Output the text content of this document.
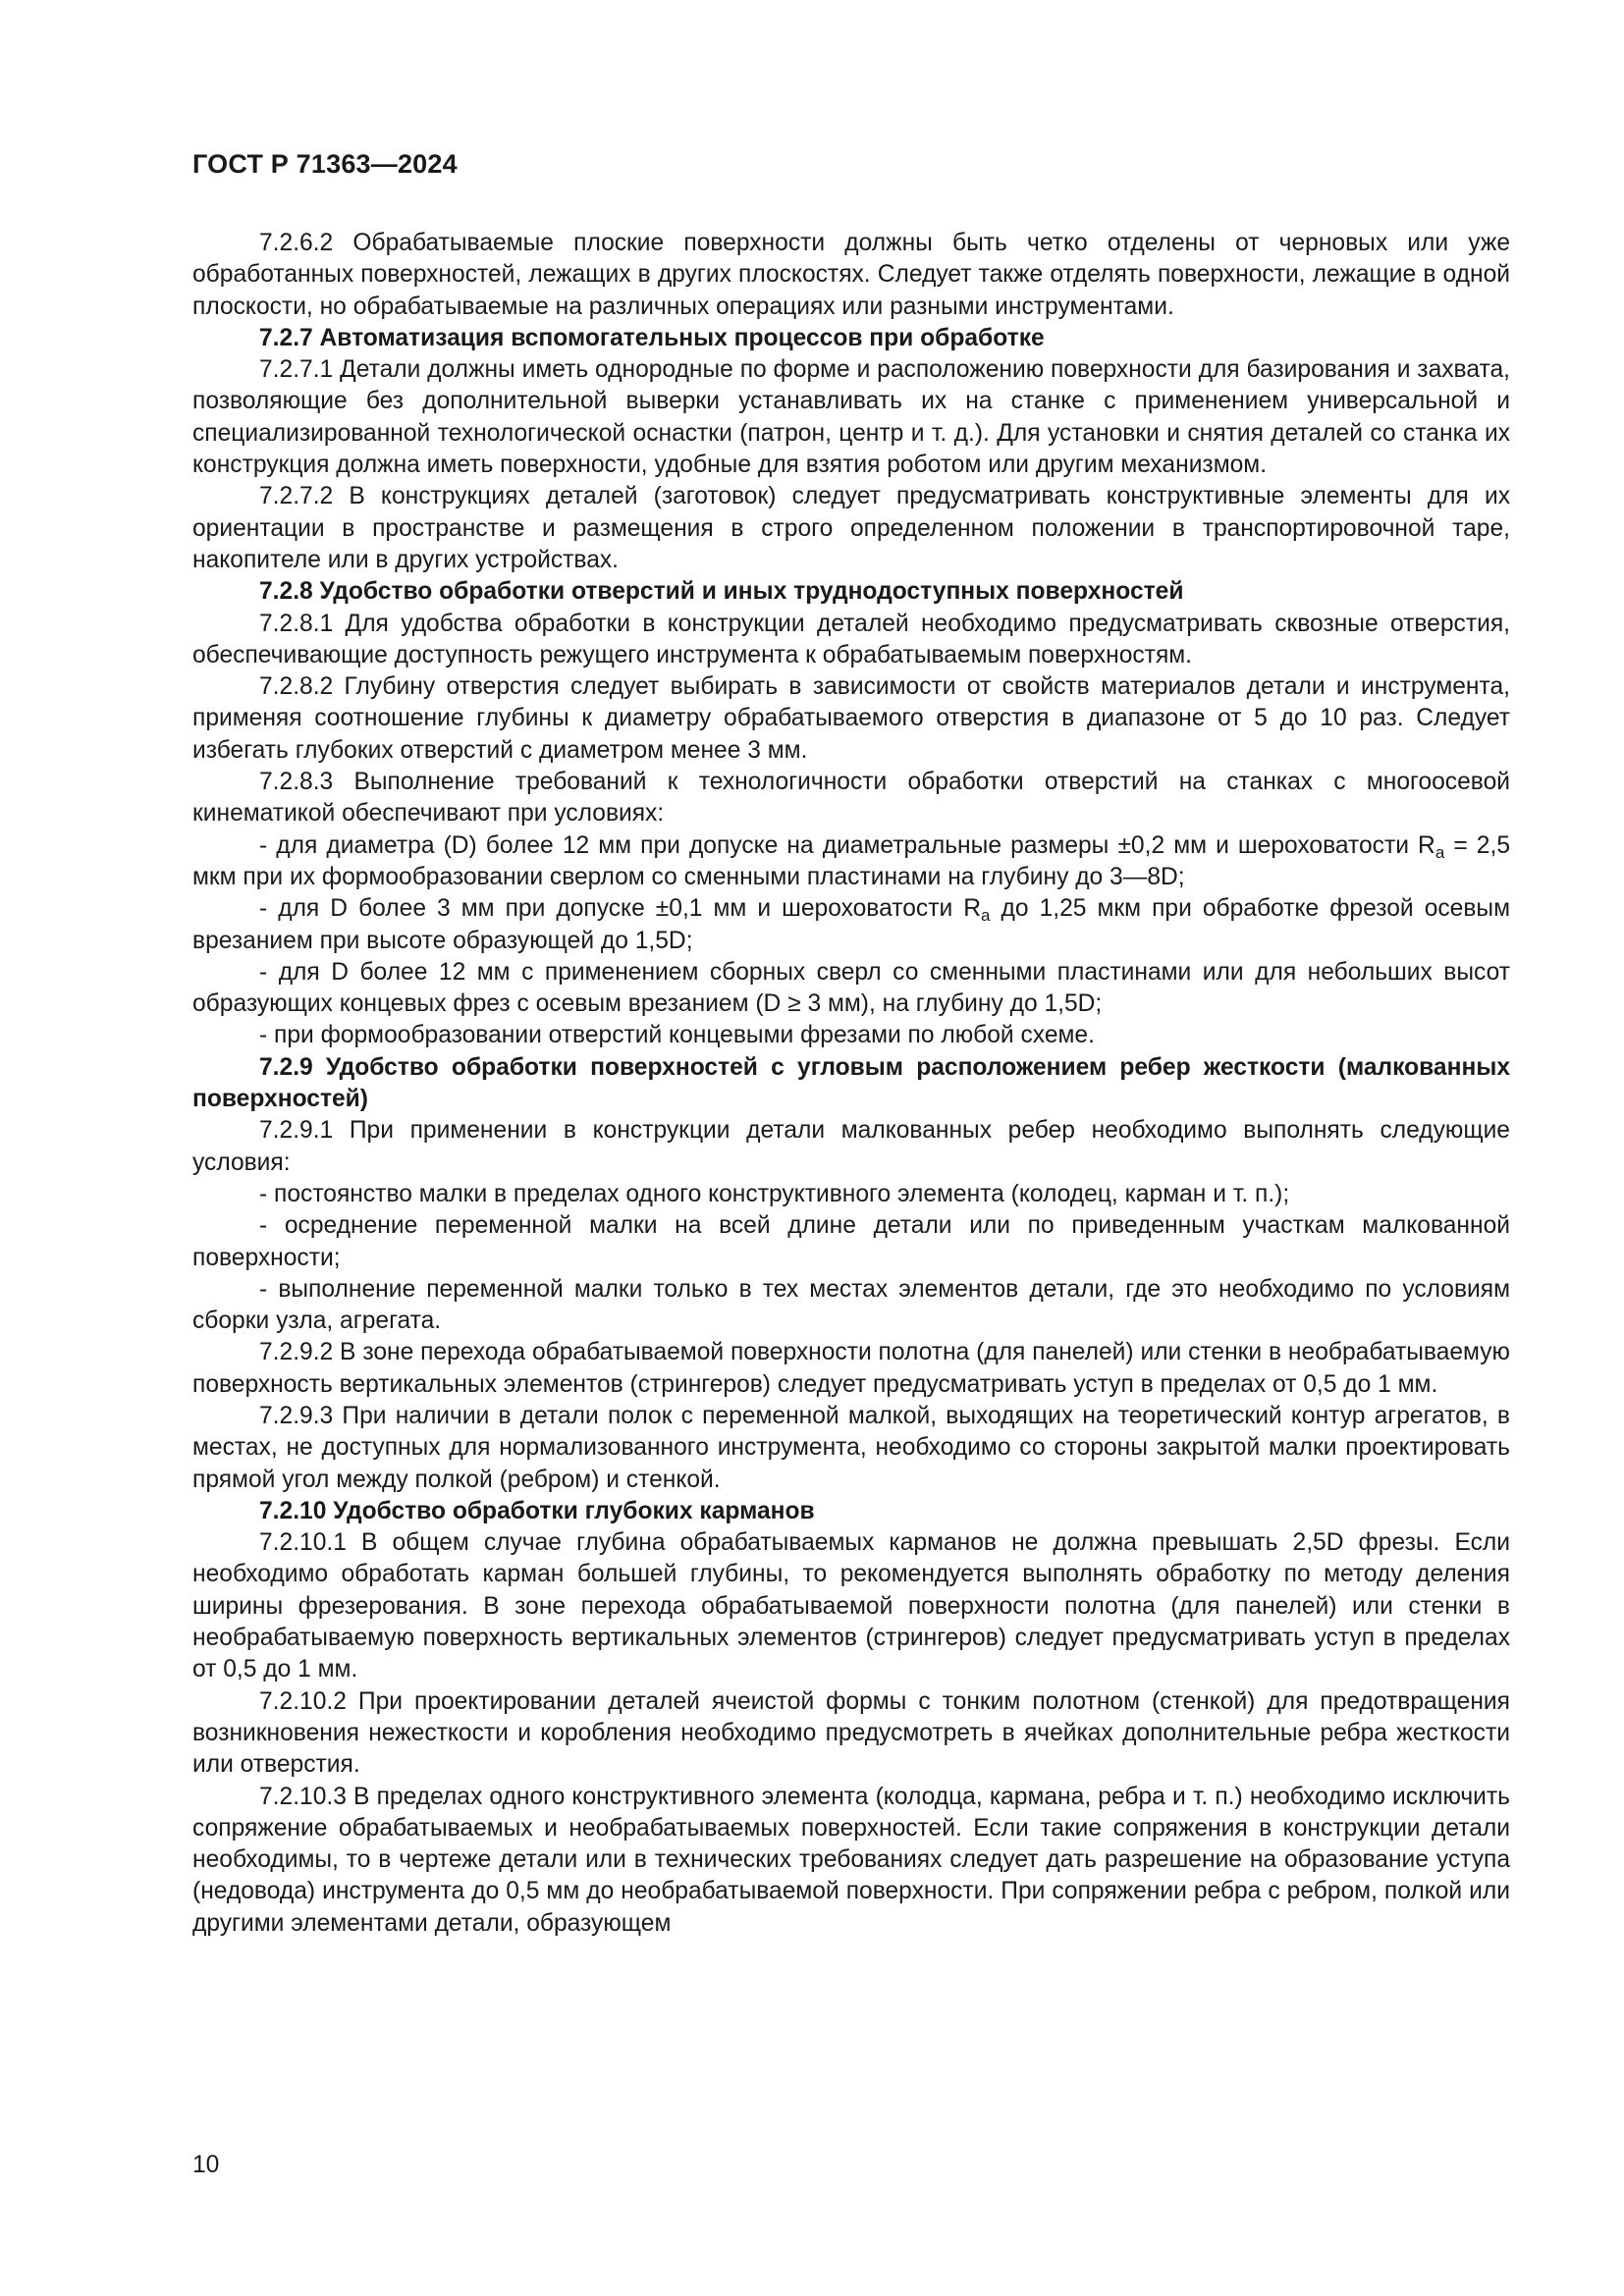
ГОСТ Р 71363—2024

7.2.6.2 Обрабатываемые плоские поверхности должны быть четко отделены от черновых или уже обработанных поверхностей, лежащих в других плоскостях. Следует также отделять поверхности, лежащие в одной плоскости, но обрабатываемые на различных операциях или разными инструментами.

7.2.7 Автоматизация вспомогательных процессов при обработке

7.2.7.1 Детали должны иметь однородные по форме и расположению поверхности для базирования и захвата, позволяющие без дополнительной выверки устанавливать их на станке с применением универсальной и специализированной технологической оснастки (патрон, центр и т. д.). Для установки и снятия деталей со станка их конструкция должна иметь поверхности, удобные для взятия роботом или другим механизмом.

7.2.7.2 В конструкциях деталей (заготовок) следует предусматривать конструктивные элементы для их ориентации в пространстве и размещения в строго определенном положении в транспортировочной таре, накопителе или в других устройствах.

7.2.8 Удобство обработки отверстий и иных труднодоступных поверхностей

7.2.8.1 Для удобства обработки в конструкции деталей необходимо предусматривать сквозные отверстия, обеспечивающие доступность режущего инструмента к обрабатываемым поверхностям.

7.2.8.2 Глубину отверстия следует выбирать в зависимости от свойств материалов детали и инструмента, применяя соотношение глубины к диаметру обрабатываемого отверстия в диапазоне от 5 до 10 раз. Следует избегать глубоких отверстий с диаметром менее 3 мм.

7.2.8.3 Выполнение требований к технологичности обработки отверстий на станках с многоосевой кинематикой обеспечивают при условиях:

- для диаметра (D) более 12 мм при допуске на диаметральные размеры ±0,2 мм и шероховатости $R_a = 2,5$ мкм при их формообразовании сверлом со сменными пластинами на глубину до 3—8D;

- для D более 3 мм при допуске ±0,1 мм и шероховатости $R_a$ до 1,25 мкм при обработке фрезой осевым врезанием при высоте образующей до 1,5D;

- для D более 12 мм с применением сборных сверл со сменными пластинами или для небольших высот образующих концевых фрез с осевым врезанием (D ≥ 3 мм), на глубину до 1,5D;

- при формообразовании отверстий концевыми фрезами по любой схеме.

7.2.9 Удобство обработки поверхностей с угловым расположением ребер жесткости (малкованных поверхностей)

7.2.9.1 При применении в конструкции детали малкованных ребер необходимо выполнять следующие условия:

- постоянство малки в пределах одного конструктивного элемента (колодец, карман и т. п.);

- осреднение переменной малки на всей длине детали или по приведенным участкам малкованной поверхности;

- выполнение переменной малки только в тех местах элементов детали, где это необходимо по условиям сборки узла, агрегата.

7.2.9.2 В зоне перехода обрабатываемой поверхности полотна (для панелей) или стенки в необрабатываемую поверхность вертикальных элементов (стрингеров) следует предусматривать уступ в пределах от 0,5 до 1 мм.

7.2.9.3 При наличии в детали полок с переменной малкой, выходящих на теоретический контур агрегатов, в местах, не доступных для нормализованного инструмента, необходимо со стороны закрытой малки проектировать прямой угол между полкой (ребром) и стенкой.

7.2.10 Удобство обработки глубоких карманов

7.2.10.1 В общем случае глубина обрабатываемых карманов не должна превышать 2,5D фрезы. Если необходимо обработать карман большей глубины, то рекомендуется выполнять обработку по методу деления ширины фрезерования. В зоне перехода обрабатываемой поверхности полотна (для панелей) или стенки в необрабатываемую поверхность вертикальных элементов (стрингеров) следует предусматривать уступ в пределах от 0,5 до 1 мм.

7.2.10.2 При проектировании деталей ячеистой формы с тонким полотном (стенкой) для предотвращения возникновения нежесткости и коробления необходимо предусмотреть в ячейках дополнительные ребра жесткости или отверстия.

7.2.10.3 В пределах одного конструктивного элемента (колодца, кармана, ребра и т. п.) необходимо исключить сопряжение обрабатываемых и необрабатываемых поверхностей. Если такие сопряжения в конструкции детали необходимы, то в чертеже детали или в технических требованиях следует дать разрешение на образование уступа (недовода) инструмента до 0,5 мм до необрабатываемой поверхности. При сопряжении ребра с ребром, полкой или другими элементами детали, образующем

10
